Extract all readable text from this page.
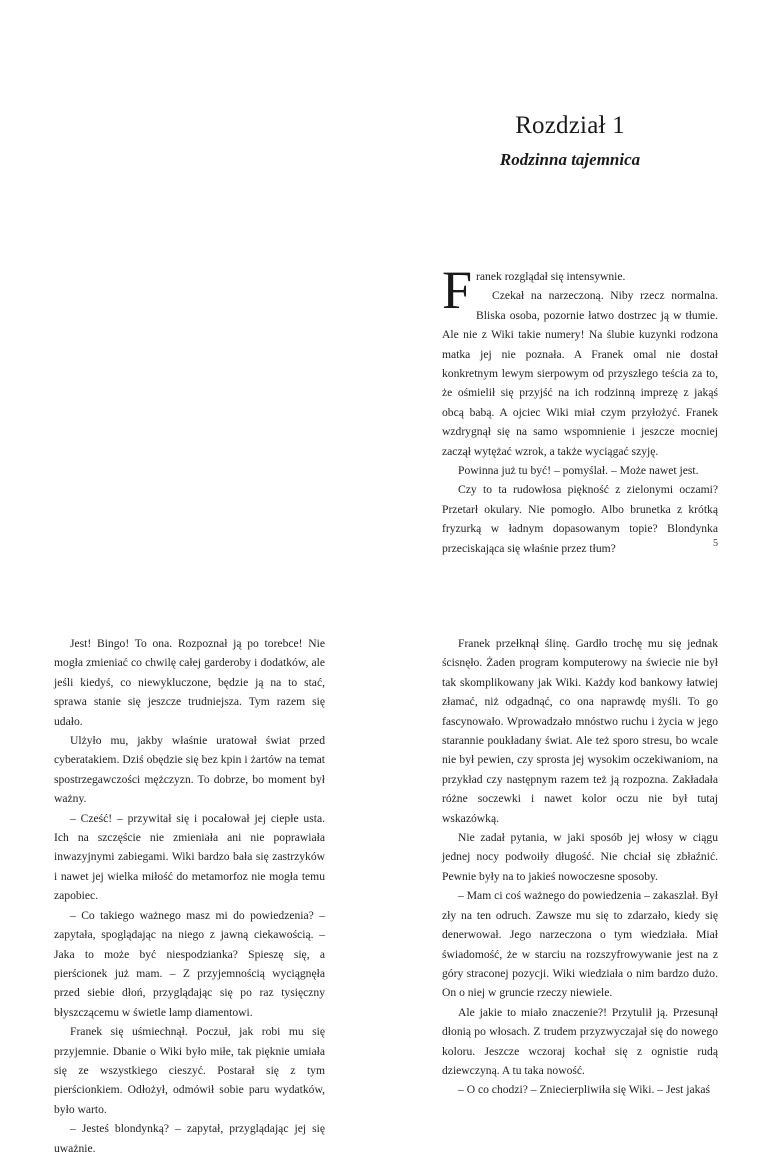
Rozdział 1
Rodzinna tajemnica

Franek rozglądał się intensywnie.

Czekał na narzeczoną. Niby rzecz normalna. Bliska osoba, pozornie łatwo dostrzec ją w tłumie. Ale nie z Wiki takie numery! Na ślubie kuzynki rodzona matka jej nie poznała. A Franek omal nie dostał konkretnym lewym sierpowym od przyszłego teścia za to, że ośmielił się przyjść na ich rodzinną imprezę z jakąś obcą babą. A ojciec Wiki miał czym przyłożyć. Franek wzdrygnął się na samo wspomnienie i jeszcze mocniej zaczął wytężać wzrok, a także wyciągać szyję.

Powinna już tu być! – pomyślał. – Może nawet jest.

Czy to ta rudowłosa piękność z zielonymi oczami? Przetarł okulary. Nie pomogło. Albo brunetka z krótką fryzurką w ładnym dopasowanym topie? Blondynka przeciskająca się właśnie przez tłum?	5

Jest! Bingo! To ona. Rozpoznał ją po torebce! Nie mogła zmieniać co chwilę całej garderoby i dodatków, ale jeśli kiedyś, co niewykluczone, będzie ją na to stać, sprawa stanie się jeszcze trudniejsza. Tym razem się udało.

Ulżyło mu, jakby właśnie uratował świat przed cyberatakiem. Dziś obędzie się bez kpin i żartów na temat spostrzegawczości mężczyzn. To dobrze, bo moment był ważny.

– Cześć! – przywitał się i pocałował jej ciepłe usta. Ich na szczęście nie zmieniała ani nie poprawiała inwazyjnymi zabiegami. Wiki bardzo bała się zastrzyków i nawet jej wielka miłość do metamorfoz nie mogła temu zapobiec.

– Co takiego ważnego masz mi do powiedzenia? – zapytała, spoglądając na niego z jawną ciekawością. – Jaka to może być niespodzianka? Spieszę się, a pierścionek już mam. – Z przyjemnością wyciągnęła przed siebie dłoń, przyglądając się po raz tysięczny błyszczącemu w świetle lamp diamentowi.

Franek się uśmiechnął. Poczuł, jak robi mu się przyjemnie. Dbanie o Wiki było miłe, tak pięknie umiała się ze wszystkiego cieszyć. Postarał się z tym pierścionkiem. Odłożył, odmówił sobie paru wydatków, było warto.

– Jesteś blondynką? – zapytał, przyglądając jej się uważnie.

Franek przełknął ślinę. Gardło trochę mu się jednak ścisnęło. Żaden program komputerowy na świecie nie był tak skomplikowany jak Wiki. Każdy kod bankowy łatwiej złamać, niż odgadnąć, co ona naprawdę myśli. To go fascynowało. Wprowadzało mnóstwo ruchu i życia w jego starannie poukładany świat. Ale też sporo stresu, bo wcale nie był pewien, czy sprosta jej wysokim oczekiwaniom, na przykład czy następnym razem też ją rozpozna. Zakładała różne soczewki i nawet kolor oczu nie był tutaj wskazówką.

Nie zadał pytania, w jaki sposób jej włosy w ciągu jednej nocy podwoiły długość. Nie chciał się zbłaźnić. Pewnie były na to jakieś nowoczesne sposoby.

– Mam ci coś ważnego do powiedzenia – zakaszlał. Był zły na ten odruch. Zawsze mu się to zdarzało, kiedy się denerwował. Jego narzeczona o tym wiedziała. Miał świadomość, że w starciu na rozszyfrowywanie jest na z góry straconej pozycji. Wiki wiedziała o nim bardzo dużo. On o niej w gruncie rzeczy niewiele.

Ale jakie to miało znaczenie?! Przytulił ją. Przesunął dłonią po włosach. Z trudem przyzwyczajał się do nowego koloru. Jeszcze wczoraj kochał się z ognistie rudą dziewczyną. A tu taka nowość.

– O co chodzi? – Zniecierpliwiła się Wiki. – Jest jakaś
